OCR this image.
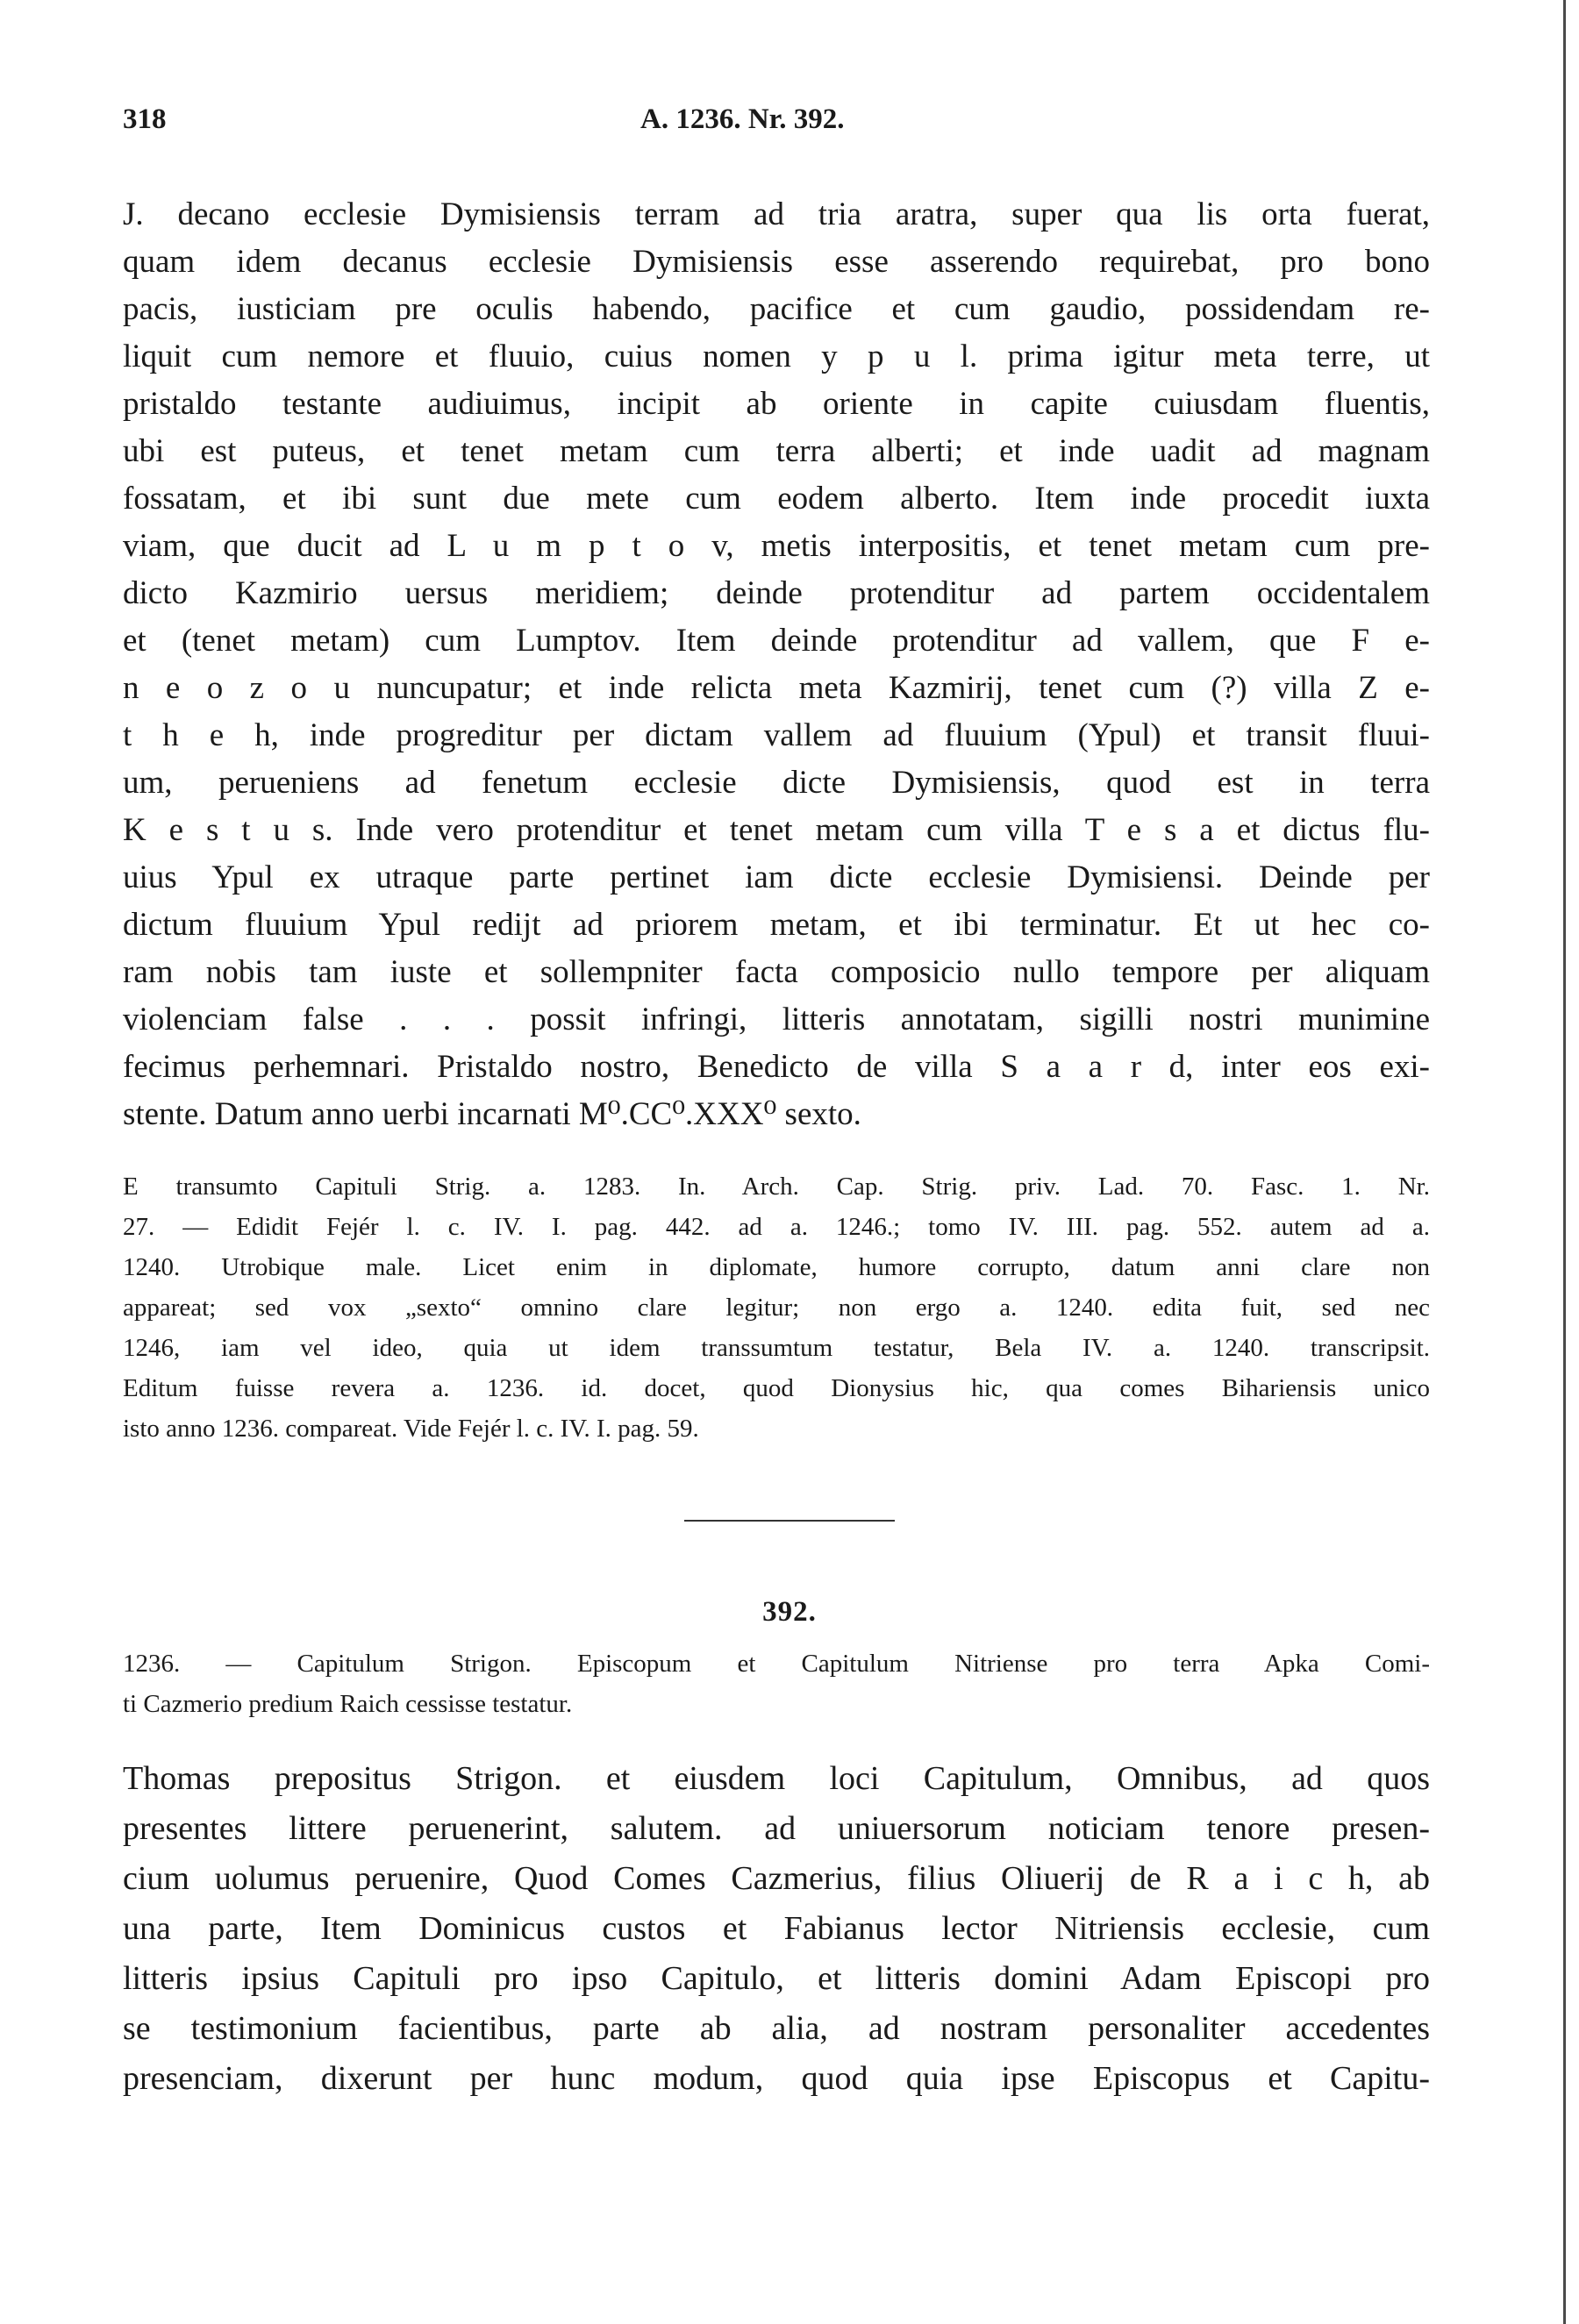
318	A. 1236. Nr. 392.
J. decano ecclesie Dymisiensis terram ad tria aratra, super qua lis orta fuerat,
quam idem decanus ecclesie Dymisiensis esse asserendo requirebat, pro bono
pacis, iusticiam pre oculis habendo, pacifice et cum gaudio, possidendam re-
liquit cum nemore et fluuio, cuius nomen y p u l. prima igitur meta terre, ut
pristaldo testante audiuimus, incipit ab oriente in capite cuiusdam fluentis,
ubi est puteus, et tenet metam cum terra alberti; et inde uadit ad magnam
fossatam, et ibi sunt due mete cum eodem alberto. Item inde procedit iuxta
viam, que ducit ad L u m p t o v, metis interpositis, et tenet metam cum pre-
dicto Kazmirio uersus meridiem; deinde protenditur ad partem occidentalem
et (tenet metam) cum Lumptov. Item deinde protenditur ad vallem, que F e-
n e o z o u nuncupatur; et inde relicta meta Kazmirij, tenet cum (?) villa Z e-
t h e h, inde progreditur per dictam vallem ad fluuium (Ypul) et transit fluui-
um, perueniens ad fenetum ecclesie dicte Dymisiensis, quod est in terra
K e s t u s. Inde vero protenditur et tenet metam cum villa T e s a et dictus flu-
uius Ypul ex utraque parte pertinet iam dicte ecclesie Dymisiensi. Deinde per
dictum fluuium Ypul redijt ad priorem metam, et ibi terminatur. Et ut hec co-
ram nobis tam iuste et sollempniter facta composicio nullo tempore per aliquam
violenciam false . . . possit infringi, litteris annotatam, sigilli nostri munimine
fecimus perhemnari. Pristaldo nostro, Benedicto de villa S a a r d, inter eos exi-
stente. Datum anno uerbi incarnati M⁰.CC⁰.XXX⁰ sexto.
E transumto Capituli Strig. a. 1283. In. Arch. Cap. Strig. priv. Lad. 70. Fasc. 1. Nr.
27. — Edidit Fejér l. c. IV. I. pag. 442. ad a. 1246.; tomo IV. III. pag. 552. autem ad a.
1240. Utrobique male. Licet enim in diplomate, humore corrupto, datum anni clare non
appareat; sed vox „sexto“ omnino clare legitur; non ergo a. 1240. edita fuit, sed nec
1246, iam vel ideo, quia ut idem transsumtum testatur, Bela IV. a. 1240. transcripsit.
Editum fuisse revera a. 1236. id. docet, quod Dionysius hic, qua comes Bihariensis unico
isto anno 1236. compareat. Vide Fejér l. c. IV. I. pag. 59.
392.
1236. — Capitulum Strigon. Episcopum et Capitulum Nitriense pro terra Apka Comi-
ti Cazmerio predium Raich cessisse testatur.
Thomas prepositus Strigon. et eiusdem loci Capitulum, Omnibus, ad quos
presentes littere peruenerint, salutem. ad uniuersorum noticiam tenore presen-
cium uolumus peruenire, Quod Comes Cazmerius, filius Oliuerij de R a i c h, ab
una parte, Item Dominicus custos et Fabianus lector Nitriensis ecclesie, cum
litteris ipsius Capituli pro ipso Capitulo, et litteris domini Adam Episcopi pro
se testimonium facientibus, parte ab alia, ad nostram personaliter accedentes
presenciam, dixerunt per hunc modum, quod quia ipse Episcopus et Capitu-
